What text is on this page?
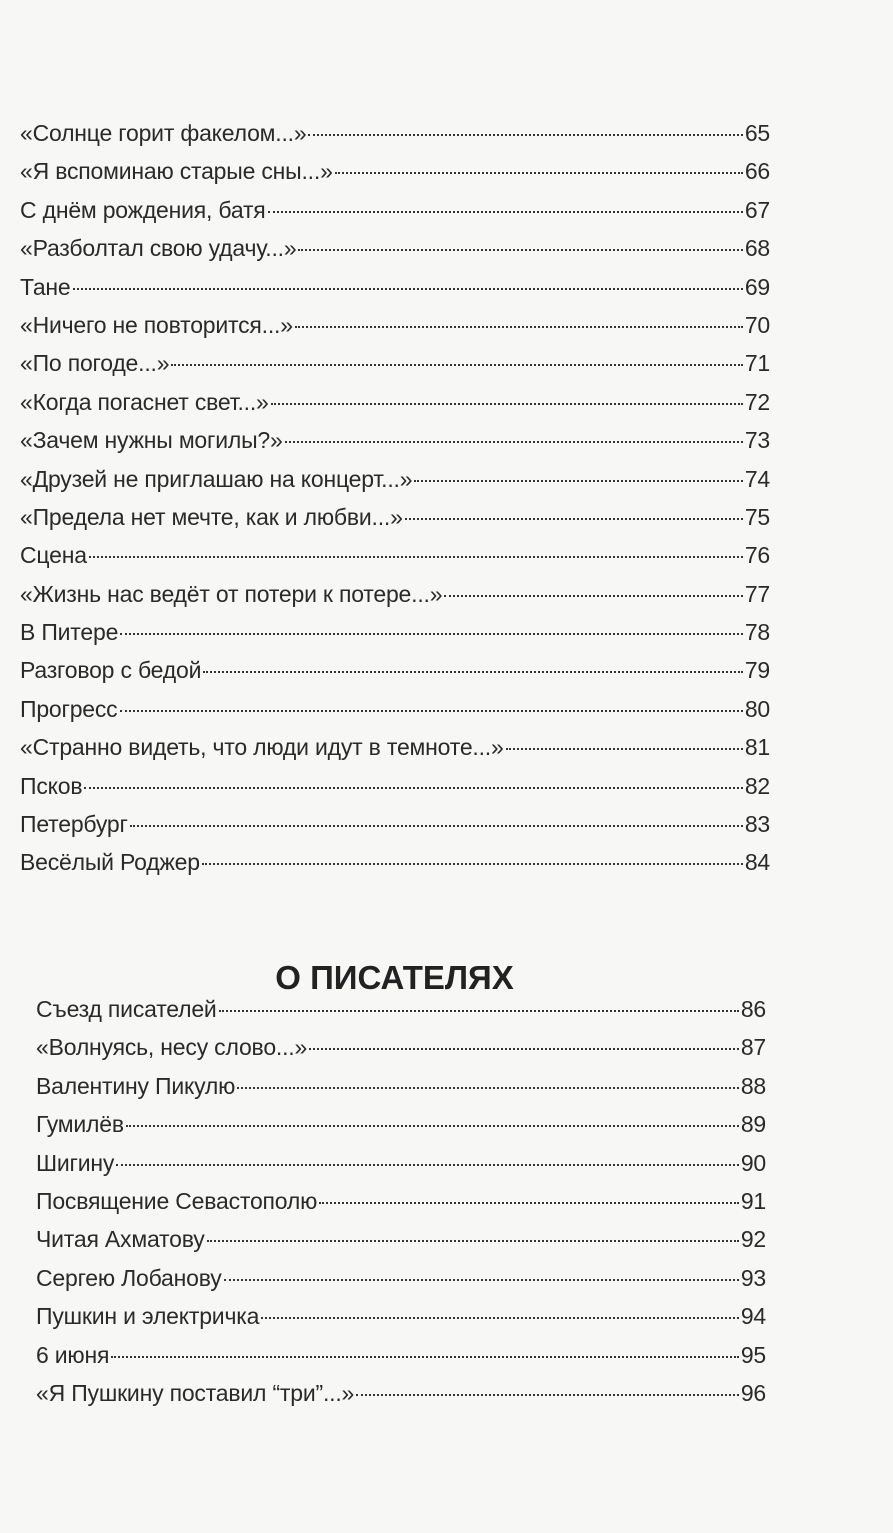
«Солнце горит факелом...»	65
«Я вспоминаю старые сны...»	66
С днём рождения, батя	67
«Разболтал свою удачу...»	68
Тане	69
«Ничего не повторится...»	70
«По погоде...»	71
«Когда погаснет свет...»	72
«Зачем нужны могилы?»	73
«Друзей не приглашаю на концерт...»	74
«Предела нет мечте, как и любви...»	75
Сцена	76
«Жизнь нас ведёт от потери к потере...»	77
В Питере	78
Разговор с бедой	79
Прогресс	80
«Странно видеть, что люди идут в темноте...»	81
Псков	82
Петербург	83
Весёлый Роджер	84
О ПИСАТЕЛЯХ
Съезд писателей	86
«Волнуясь, несу слово...»	87
Валентину Пикулю	88
Гумилёв	89
Шигину	90
Посвящение Севастополю	91
Читая Ахматову	92
Сергею Лобанову	93
Пушкин и электричка	94
6 июня	95
«Я Пушкину поставил “три”...»	96
